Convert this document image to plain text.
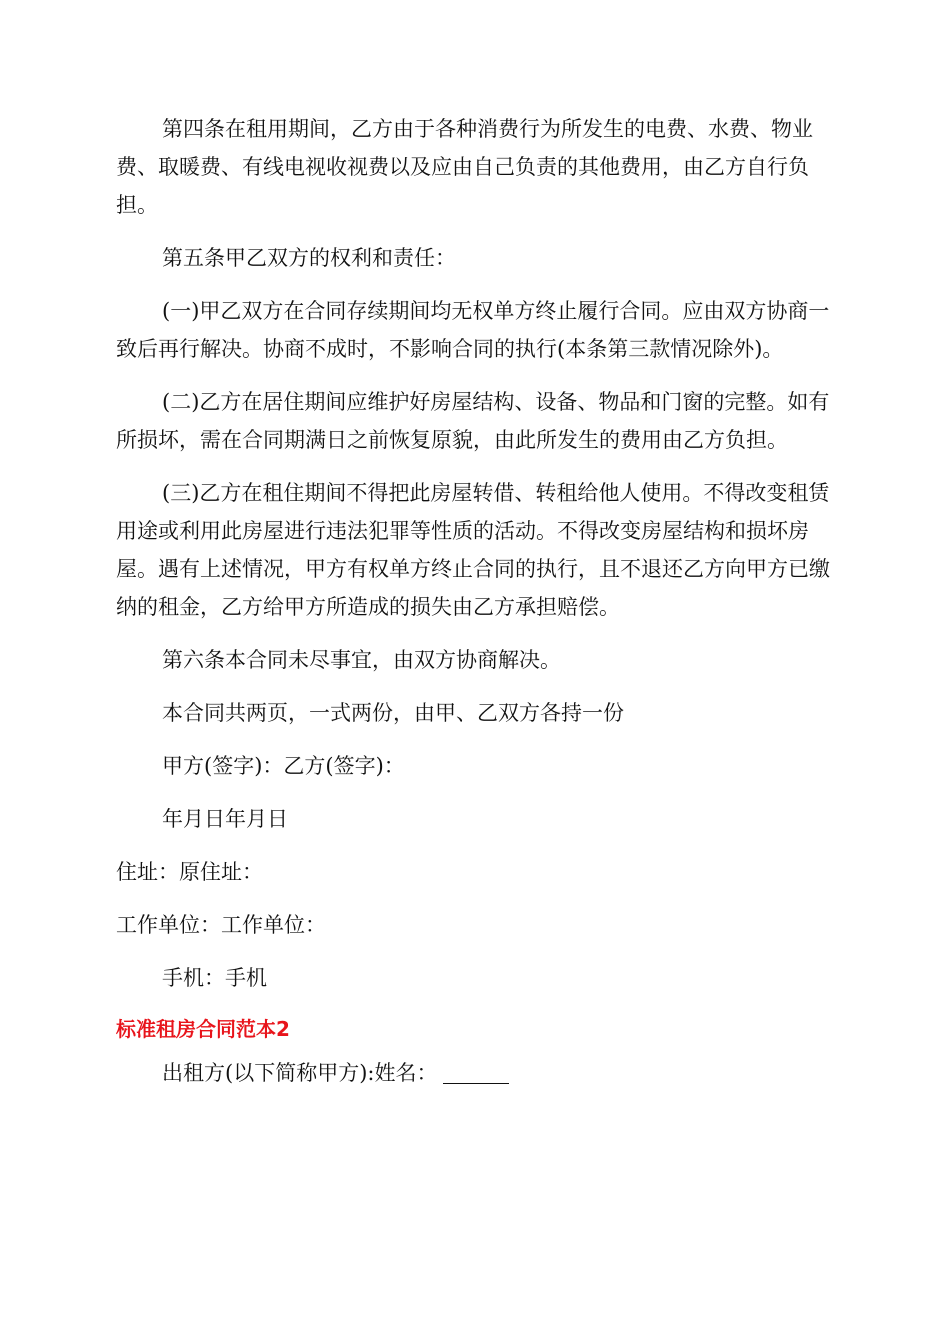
第四条在租用期间，乙方由于各种消费行为所发生的电费、水费、物业费、取暖费、有线电视收视费以及应由自己负责的其他费用，由乙方自行负担。

第五条甲乙双方的权利和责任：

(一)甲乙双方在合同存续期间均无权单方终止履行合同。应由双方协商一致后再行解决。协商不成时，不影响合同的执行(本条第三款情况除外)。

(二)乙方在居住期间应维护好房屋结构、设备、物品和门窗的完整。如有所损坏，需在合同期满日之前恢复原貌，由此所发生的费用由乙方负担。

(三)乙方在租住期间不得把此房屋转借、转租给他人使用。不得改变租赁用途或利用此房屋进行违法犯罪等性质的活动。不得改变房屋结构和损坏房屋。遇有上述情况，甲方有权单方终止合同的执行，且不退还乙方向甲方已缴纳的租金，乙方给甲方所造成的损失由乙方承担赔偿。

第六条本合同未尽事宜，由双方协商解决。

本合同共两页，一式两份，由甲、乙双方各持一份

甲方(签字)：乙方(签字)：

年月日年月日

住址：原住址：

工作单位：工作单位：

手机：手机

标准租房合同范本2

出租方(以下简称甲方):姓名：
